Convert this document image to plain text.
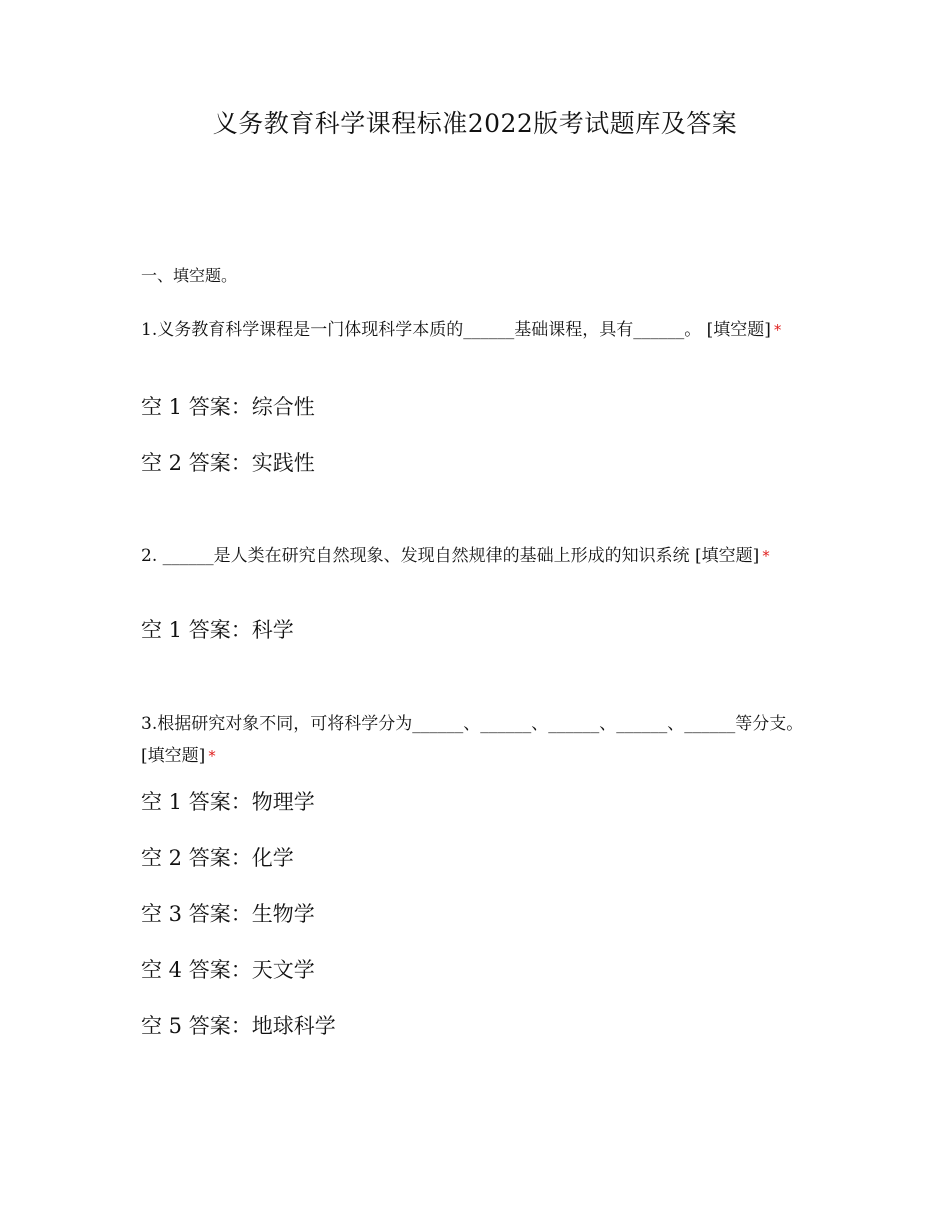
义务教育科学课程标准2022版考试题库及答案
一、填空题。
1.义务教育科学课程是一门体现科学本质的______基础课程，具有______。 [填空题] *
空 1 答案：综合性
空 2 答案：实践性
2. ______是人类在研究自然现象、发现自然规律的基础上形成的知识系统 [填空题] *
空 1 答案：科学
3.根据研究对象不同，可将科学分为______、______、______、______、______等分支。 [填空题] *
空 1 答案：物理学
空 2 答案：化学
空 3 答案：生物学
空 4 答案：天文学
空 5 答案：地球科学
